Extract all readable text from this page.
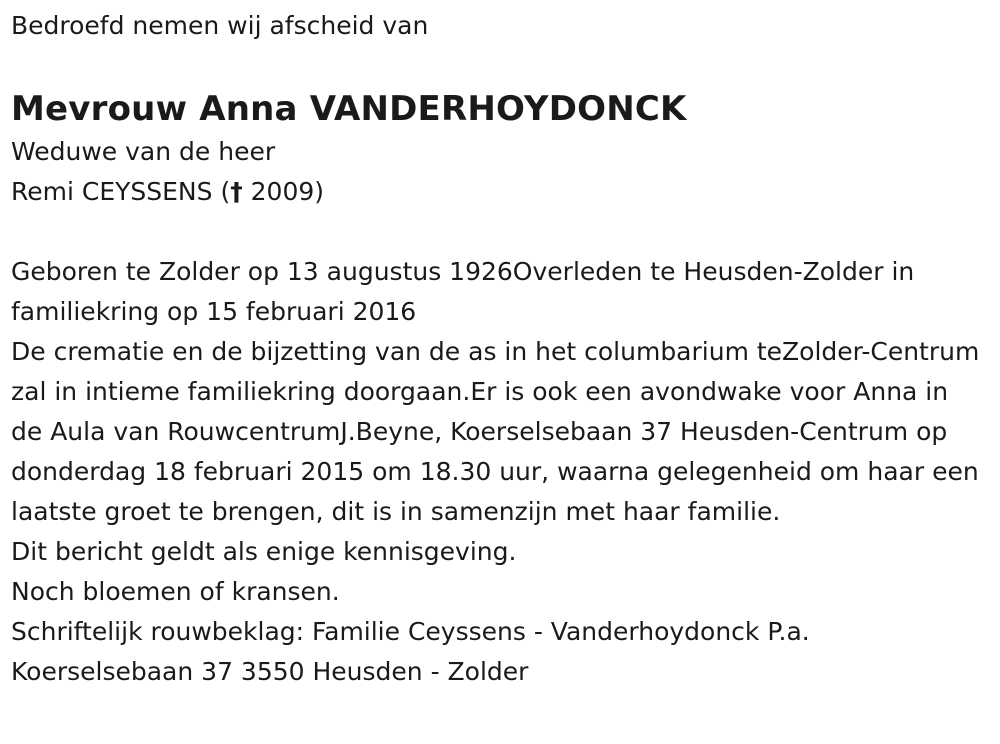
Bedroefd nemen wij afscheid van

Mevrouw Anna VANDERHOYDONCK

Weduwe van de heer

Remi CEYSSENS († 2009)

Geboren te Zolder op 13 augustus 1926Overleden te Heusden-Zolder in familiekring op 15 februari 2016

De crematie en de bijzetting van de as in het columbarium teZolder-Centrum zal in intieme familiekring doorgaan.Er is ook een avondwake voor Anna in de Aula van RouwcentrumJ.Beyne, Koerselsebaan 37 Heusden-Centrum op donderdag 18 februari 2015 om 18.30 uur, waarna gelegenheid om haar een laatste groet te brengen, dit is in samenzijn met haar familie.

Dit bericht geldt als enige kennisgeving.

Noch bloemen of kransen.

Schriftelijk rouwbeklag: Familie Ceyssens - Vanderhoydonck P.a. Koerselsebaan 37 3550 Heusden - Zolder
